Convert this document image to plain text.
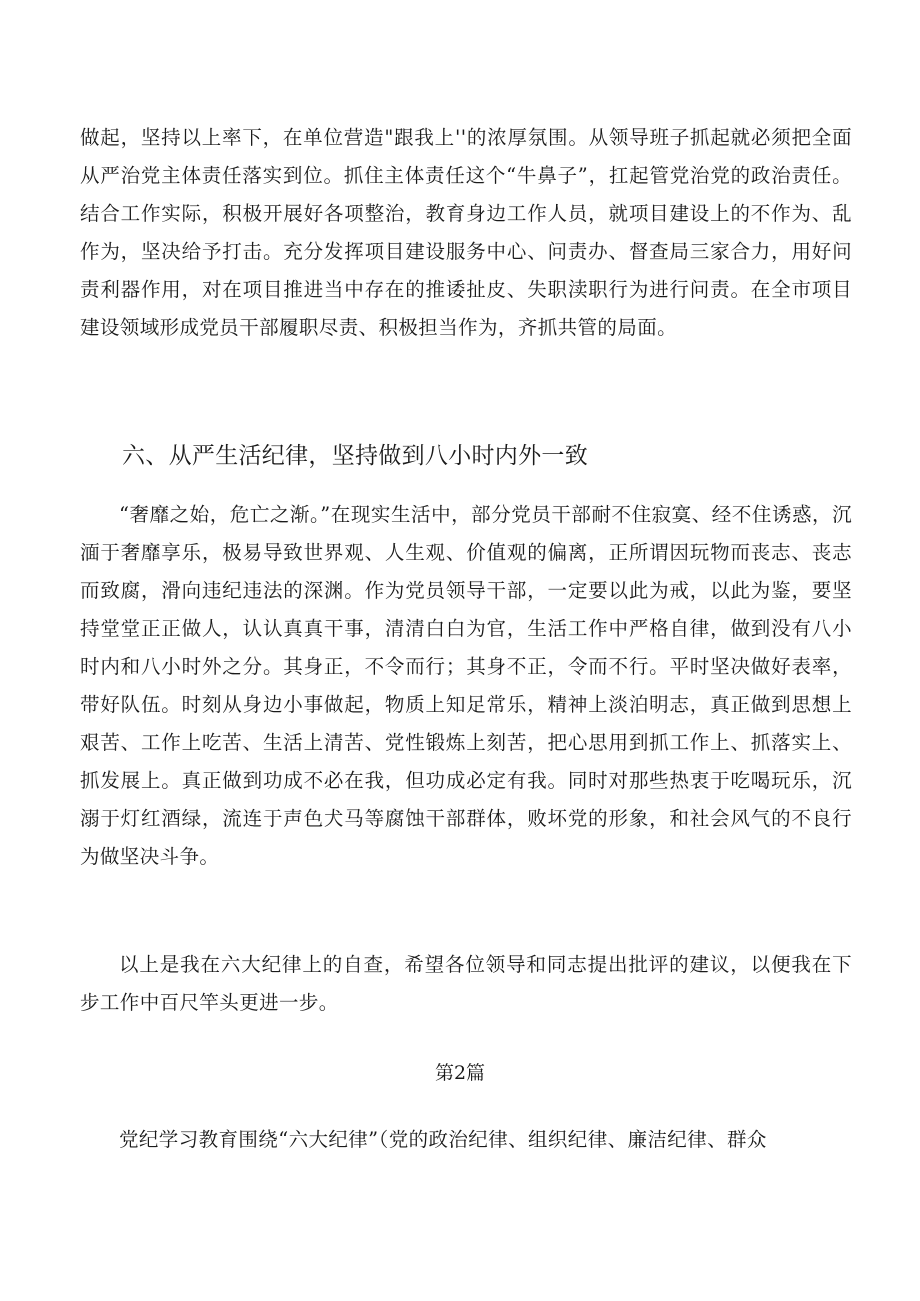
做起，坚持以上率下，在单位营造"跟我上''的浓厚氛围。从领导班子抓起就必须把全面从严治党主体责任落实到位。抓住主体责任这个“牛鼻子”，扛起管党治党的政治责任。结合工作实际，积极开展好各项整治，教育身边工作人员，就项目建设上的不作为、乱作为，坚决给予打击。充分发挥项目建设服务中心、问责办、督查局三家合力，用好问责利器作用，对在项目推进当中存在的推诿扯皮、失职渎职行为进行问责。在全市项目建设领域形成党员干部履职尽责、积极担当作为，齐抓共管的局面。

六、从严生活纪律，坚持做到八小时内外一致

“奢靡之始，危亡之渐。”在现实生活中，部分党员干部耐不住寂寞、经不住诱惑，沉湎于奢靡享乐，极易导致世界观、人生观、价值观的偏离，正所谓因玩物而丧志、丧志而致腐，滑向违纪违法的深渊。作为党员领导干部，一定要以此为戒，以此为鉴，要坚持堂堂正正做人，认认真真干事，清清白白为官，生活工作中严格自律，做到没有八小时内和八小时外之分。其身正，不令而行；其身不正，令而不行。平时坚决做好表率，带好队伍。时刻从身边小事做起，物质上知足常乐，精神上淡泊明志，真正做到思想上艰苦、工作上吃苦、生活上清苦、党性锻炼上刻苦，把心思用到抓工作上、抓落实上、抓发展上。真正做到功成不必在我，但功成必定有我。同时对那些热衷于吃喝玩乐，沉溺于灯红酒绿，流连于声色犬马等腐蚀干部群体，败坏党的形象，和社会风气的不良行为做坚决斗争。

以上是我在六大纪律上的自查，希望各位领导和同志提出批评的建议，以便我在下步工作中百尺竿头更进一步。

第2篇

党纪学习教育围绕“六大纪律”（党的政治纪律、组织纪律、廉洁纪律、群众
